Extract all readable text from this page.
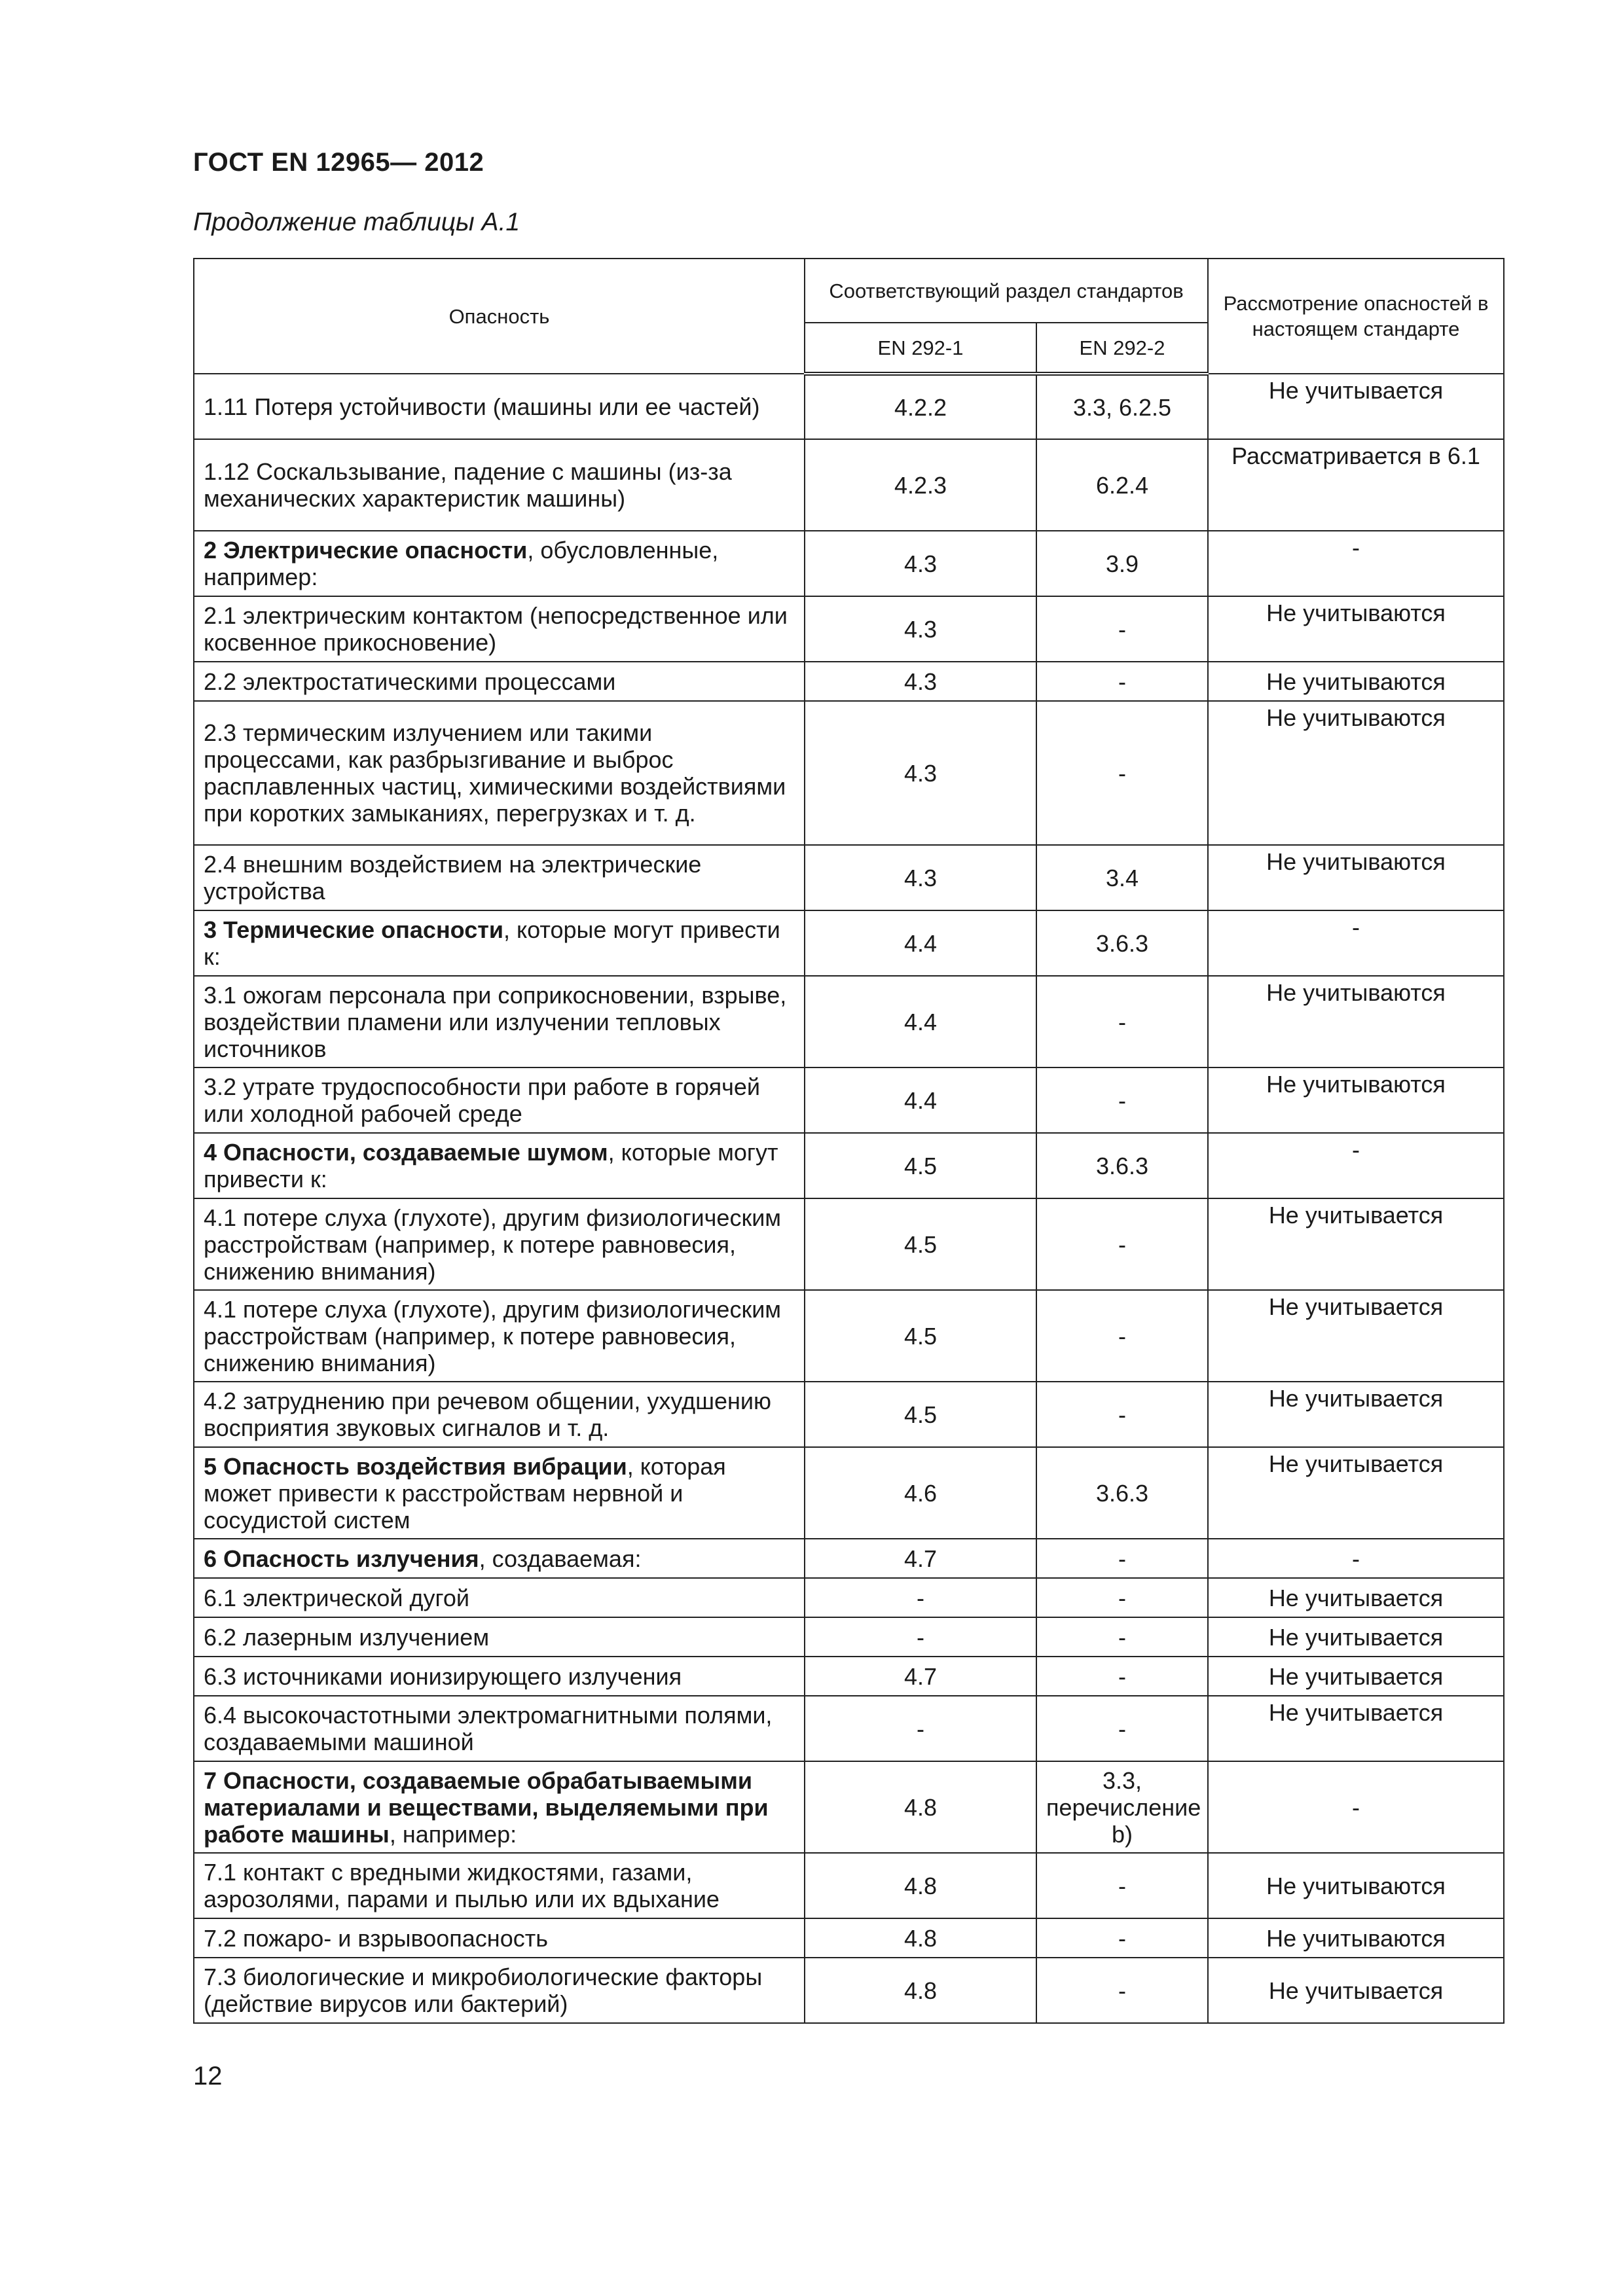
ГОСТ EN 12965— 2012
Продолжение таблицы А.1
Опасность	Соответствующий раздел стандартов		Рассмотрение опасностей в настоящем стандарте
	EN 292-1	EN 292-2	
1.11 Потеря устойчивости (машины или ее частей)	4.2.2	3.3, 6.2.5	Не учитывается
1.12 Соскальзывание, падение с машины (из-за механических характеристик машины)	4.2.3	6.2.4	Рассматривается в 6.1
2 Электрические опасности, обусловленные, например:	4.3	3.9	-
2.1 электрическим контактом (непосредственное или косвенное прикосновение)	4.3	-	Не учитываются
2.2 электростатическими процессами	4.3	-	Не учитываются
2.3 термическим излучением или такими процессами, как разбрызгивание и выброс расплавленных частиц, химическими воздействиями при коротких замыканиях, перегрузках и т. д.	4.3	-	Не учитываются
2.4 внешним воздействием на электрические устройства	4.3	3.4	Не учитываются
3 Термические опасности, которые могут привести к:	4.4	3.6.3	-
3.1 ожогам персонала при соприкосновении, взрыве, воздействии пламени или излучении тепловых источников	4.4	-	Не учитываются
3.2 утрате трудоспособности при работе в горячей или холодной рабочей среде	4.4	-	Не учитываются
4 Опасности, создаваемые шумом, которые могут привести к:	4.5	3.6.3	-
4.1 потере слуха (глухоте), другим физиологическим расстройствам (например, к потере равновесия, снижению внимания)	4.5	-	Не учитывается
4.1 потере слуха (глухоте), другим физиологическим расстройствам (например, к потере равновесия, снижению внимания)	4.5	-	Не учитывается
4.2 затруднению при речевом общении, ухудшению восприятия звуковых сигналов и т. д.	4.5	-	Не учитывается
5 Опасность воздействия вибрации, которая может привести к расстройствам нервной и сосудистой систем	4.6	3.6.3	Не учитывается
6 Опасность излучения, создаваемая:	4.7	-	-
6.1 электрической дугой	-	-	Не учитывается
6.2 лазерным излучением	-	-	Не учитывается
6.3 источниками ионизирующего излучения	4.7	-	Не учитывается
6.4 высокочастотными электромагнитными полями, создаваемыми машиной	-	-	Не учитывается
7 Опасности, создаваемые обрабатываемыми материалами и веществами, выделяемыми при работе машины, например:	4.8	3.3, перечисление b)	-
7.1 контакт с вредными жидкостями, газами, аэрозолями, парами и пылью или их вдыхание	4.8	-	Не учитываются
7.2 пожаро- и взрывоопасность	4.8	-	Не учитываются
7.3 биологические и микробиологические факторы (действие вирусов или бактерий)	4.8	-	Не учитывается
12
